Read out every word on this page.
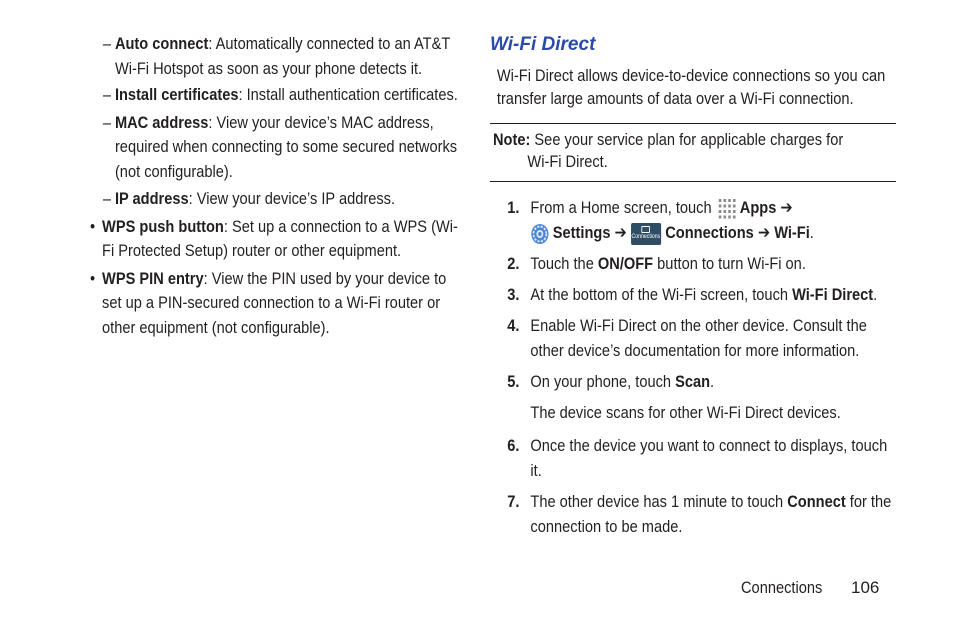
– Auto connect: Automatically connected to an AT&T Wi-Fi Hotspot as soon as your phone detects it.
– Install certificates: Install authentication certificates.
– MAC address: View your device’s MAC address, required when connecting to some secured networks (not configurable).
– IP address: View your device’s IP address.
• WPS push button: Set up a connection to a WPS (Wi-Fi Protected Setup) router or other equipment.
• WPS PIN entry: View the PIN used by your device to set up a PIN-secured connection to a Wi-Fi router or other equipment (not configurable).
Wi-Fi Direct
Wi-Fi Direct allows device-to-device connections so you can transfer large amounts of data over a Wi-Fi connection.
Note: See your service plan for applicable charges for
Wi-Fi Direct.
1. From a Home screen, touch Apps ➔
Settings ➔ Connections Connections ➔ Wi-Fi.
2. Touch the ON/OFF button to turn Wi-Fi on.
3. At the bottom of the Wi-Fi screen, touch Wi-Fi Direct.
4. Enable Wi-Fi Direct on the other device. Consult the other device’s documentation for more information.
5. On your phone, touch Scan.
The device scans for other Wi-Fi Direct devices.
6. Once the device you want to connect to displays, touch it.
7. The other device has 1 minute to touch Connect for the connection to be made.
Connections 106
